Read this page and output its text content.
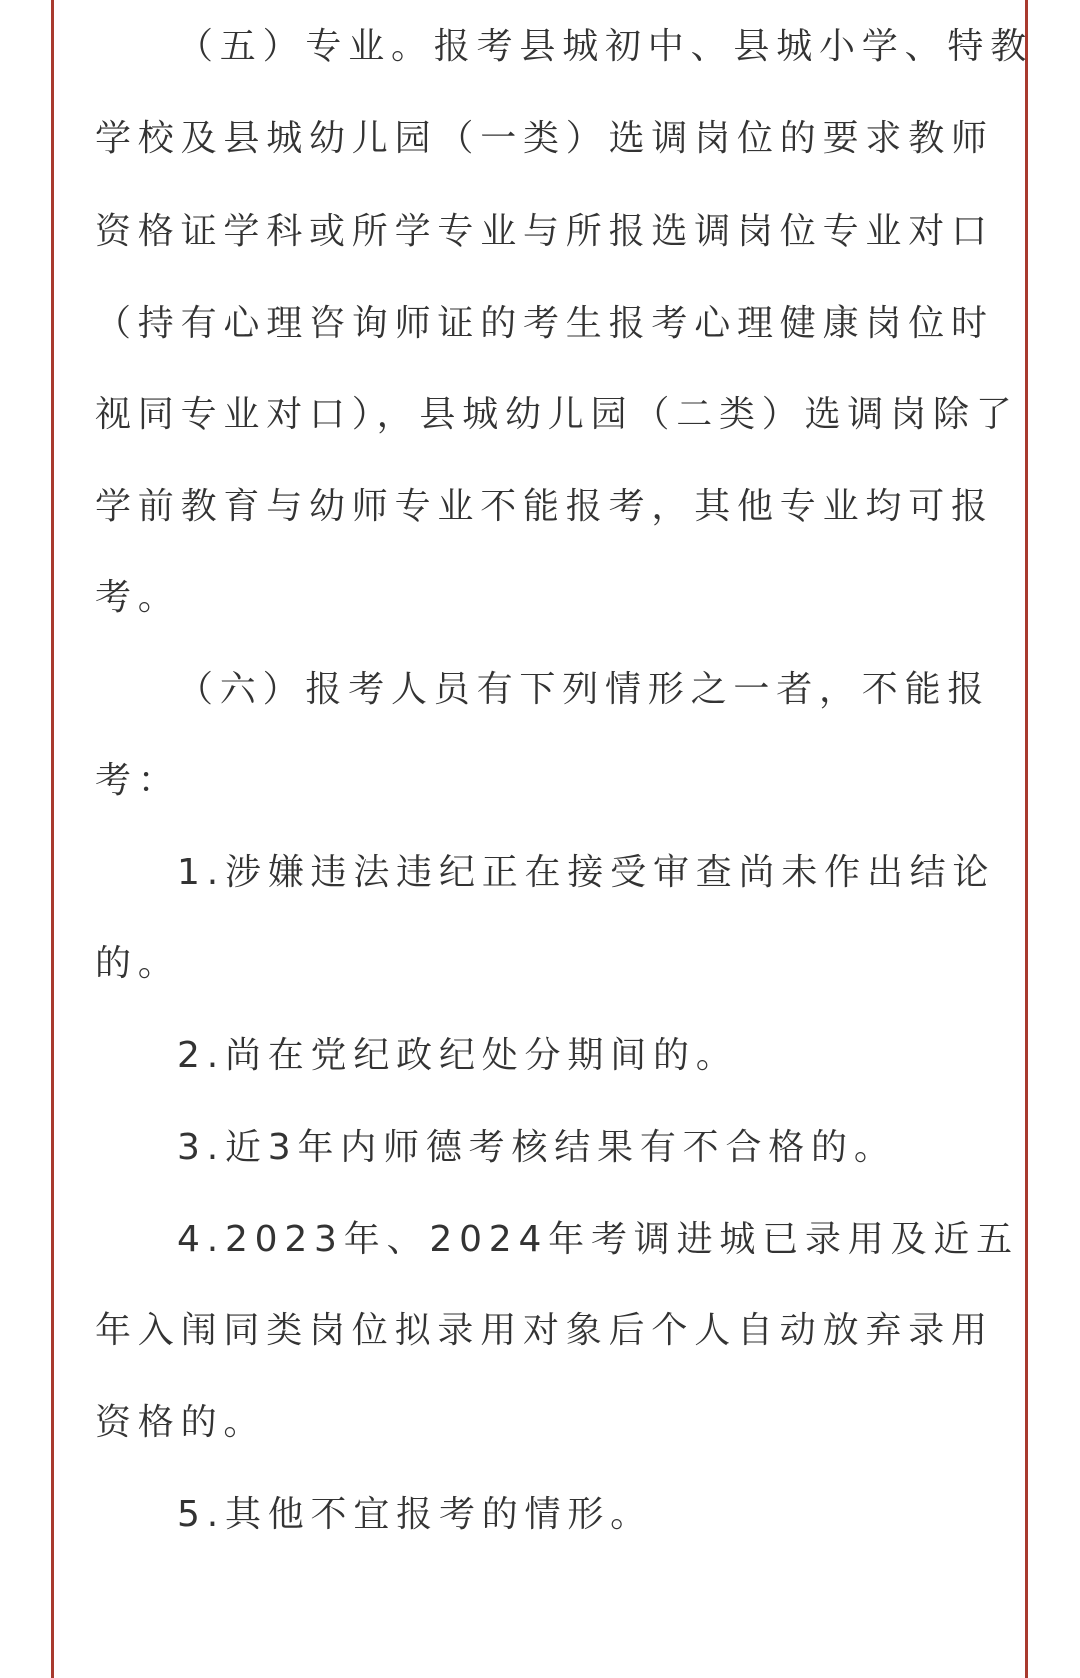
（五）专业。报考县城初中、县城小学、特教
学校及县城幼儿园（一类）选调岗位的要求教师
资格证学科或所学专业与所报选调岗位专业对口
（持有心理咨询师证的考生报考心理健康岗位时
视同专业对口），县城幼儿园（二类）选调岗除了
学前教育与幼师专业不能报考，其他专业均可报
考。
（六）报考人员有下列情形之一者，不能报
考：
1.涉嫌违法违纪正在接受审查尚未作出结论
的。
2.尚在党纪政纪处分期间的。
3.近3年内师德考核结果有不合格的。
4.2023年、2024年考调进城已录用及近五
年入闱同类岗位拟录用对象后个人自动放弃录用
资格的。
5.其他不宜报考的情形。
